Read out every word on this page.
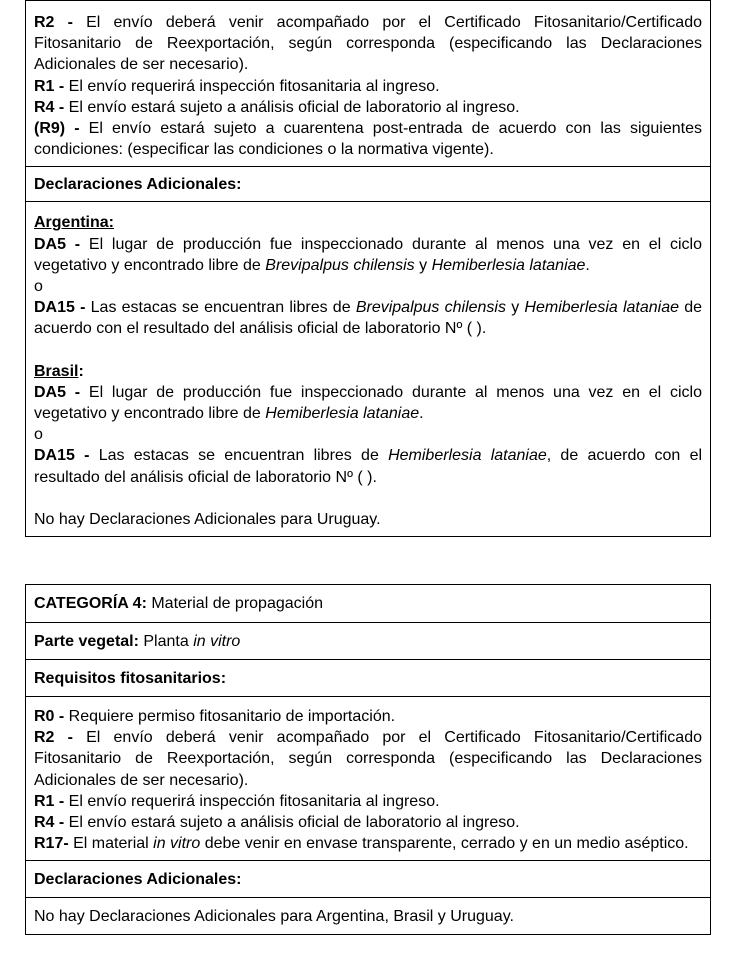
R2 - El envío deberá venir acompañado por el Certificado Fitosanitario/Certificado Fitosanitario de Reexportación, según corresponda (especificando las Declaraciones Adicionales de ser necesario).

R1 - El envío requerirá inspección fitosanitaria al ingreso.

R4 - El envío estará sujeto a análisis oficial de laboratorio al ingreso.

(R9) - El envío estará sujeto a cuarentena post-entrada de acuerdo con las siguientes condiciones: (especificar las condiciones o la normativa vigente).

Declaraciones Adicionales:

Argentina:

DA5 - El lugar de producción fue inspeccionado durante al menos una vez en el ciclo vegetativo y encontrado libre de Brevipalpus chilensis y Hemiberlesia lataniae.

o

DA15 - Las estacas se encuentran libres de Brevipalpus chilensis y Hemiberlesia lataniae de acuerdo con el resultado del análisis oficial de laboratorio Nº ( ).

Brasil:

DA5 - El lugar de producción fue inspeccionado durante al menos una vez en el ciclo vegetativo y encontrado libre de Hemiberlesia lataniae.

o

DA15 - Las estacas se encuentran libres de Hemiberlesia lataniae, de acuerdo con el resultado del análisis oficial de laboratorio Nº ( ).

No hay Declaraciones Adicionales para Uruguay.

CATEGORÍA 4: Material de propagación
Parte vegetal: Planta in vitro
Requisitos fitosanitarios:

R0 - Requiere permiso fitosanitario de importación.

R2 - El envío deberá venir acompañado por el Certificado Fitosanitario/Certificado Fitosanitario de Reexportación, según corresponda (especificando las Declaraciones Adicionales de ser necesario).

R1 - El envío requerirá inspección fitosanitaria al ingreso.

R4 - El envío estará sujeto a análisis oficial de laboratorio al ingreso.

R17- El material in vitro debe venir en envase transparente, cerrado y en un medio aséptico.

Declaraciones Adicionales:
No hay Declaraciones Adicionales para Argentina, Brasil y Uruguay.
